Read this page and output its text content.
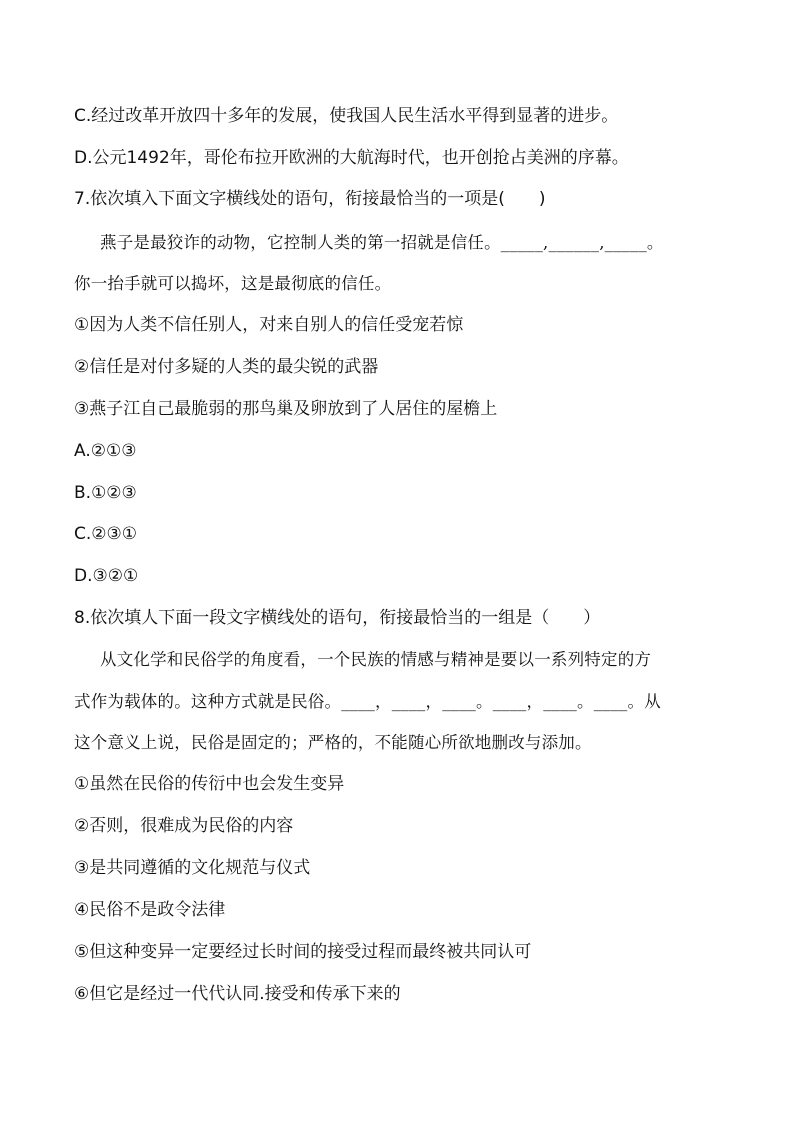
C.经过改革开放四十多年的发展，使我国人民生活水平得到显著的进步。
D.公元1492年，哥伦布拉开欧洲的大航海时代，也开创抢占美洲的序幕。
7.依次填入下面文字横线处的语句，衔接最恰当的一项是(　　)
燕子是最狡诈的动物，它控制人类的第一招就是信任。_____,______,_____。
你一抬手就可以捣坏，这是最彻底的信任。
①因为人类不信任别人，对来自别人的信任受宠若惊
②信任是对付多疑的人类的最尖锐的武器
③燕子江自己最脆弱的那鸟巢及卵放到了人居住的屋檐上
A.②①③
B.①②③
C.②③①
D.③②①
8.依次填人下面一段文字横线处的语句，衔接最恰当的一组是（　　）
从文化学和民俗学的角度看，一个民族的情感与精神是要以一系列特定的方
式作为载体的。这种方式就是民俗。____，____，____。____，____。____。从
这个意义上说，民俗是固定的；严格的，不能随心所欲地删改与添加。
①虽然在民俗的传衍中也会发生变异
②否则，很难成为民俗的内容
③是共同遵循的文化规范与仪式
④民俗不是政令法律
⑤但这种变异一定要经过长时间的接受过程而最终被共同认可
⑥但它是经过一代代认同.接受和传承下来的
